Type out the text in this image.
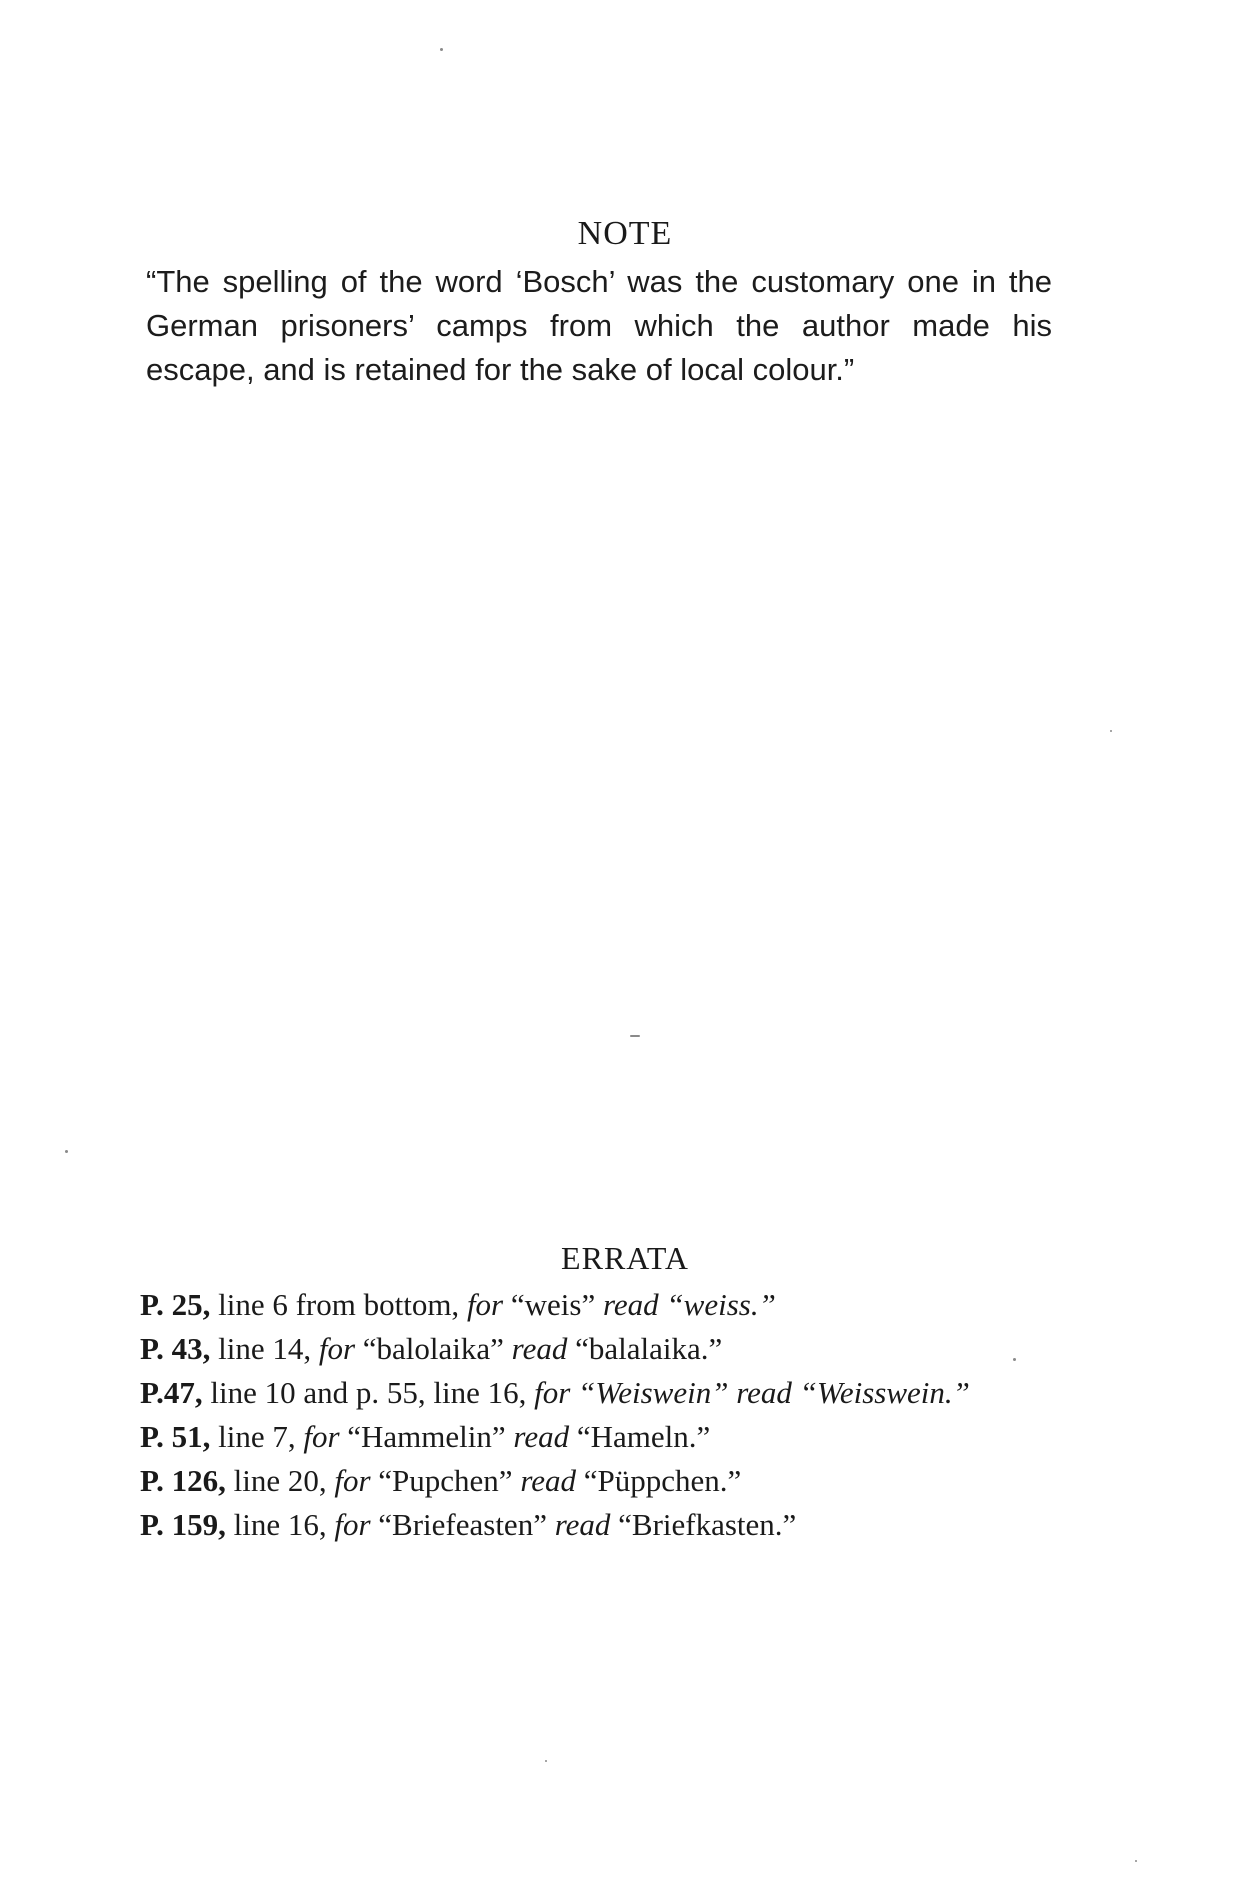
NOTE

“The spelling of the word ‘Bosch’ was the customary one in the German prisoners’ camps from which the author made his escape, and is retained for the sake of local colour.”

ERRATA
P. 25, line 6 from bottom, for “weis” read “weiss.”
P. 43, line 14, for “balolaika” read “balalaika.”
P.47, line 10 and p. 55, line 16, for “Weiswein” read “Weisswein.”
P. 51, line 7, for “Hammelin” read “Hameln.”
P. 126, line 20, for “Pupchen” read “Püppchen.”
P. 159, line 16, for “Briefeasten” read “Briefkasten.”
